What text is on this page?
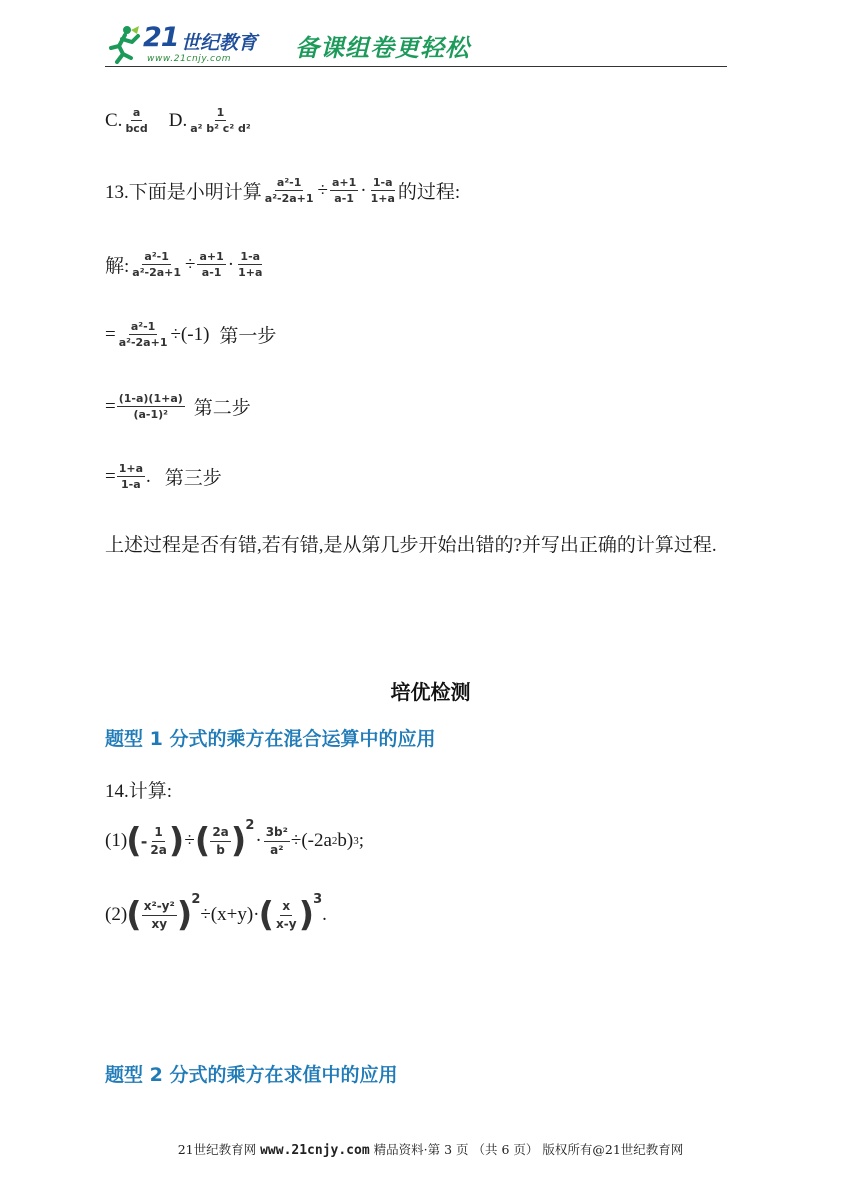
21 世纪教育
www.21cnjy.com	备课组卷更轻松
C. $\frac{a}{\text{bcd}} D$. $\frac{1}{\text{a² b² c² d²}}$
13.下面是小明计算 $\frac{\text{a²-1}}{\text{a²-2a+1}} \div \frac{a+1}{a-1} \cdot \frac{1-a}{1+a}$ 的过程:
解: $\frac{\text{a²-1}}{\text{a²-2a+1}} \div \frac{a+1}{a-1} \cdot \frac{1-a}{1+a}$
= $\frac{\text{a²-1}}{\text{a²-2a+1}} \div(-1)$ 第一步
= $\frac{(1-a)(1+a)}{\text{(a-1)²}}$ 第二步
= $\frac{1+a}{1-a}$ . 第三步
上述过程是否有错,若有错,是从第几步开始出错的?并写出正确的计算过程.
培优检测
题型 1 分式的乘方在混合运算中的应用
14.计算:
(1) ( - $\frac{1}{2a}$ ) ÷ ( $\frac{2a}{b}$ ) 2
· $\frac{\text{3b²}}{\text{a²}} \div(-2a$ 2 b) 3 ;
(2) ( $\frac{\text{x²-y²}}{xy}$ ) 2
÷(x+y)· ( $\frac{x}{x-y}$ ) 3
.
题型 2 分式的乘方在求值中的应用
21世纪教育网 www.21cnjy.com 精品资料·第 3 页 （共 6 页） 版权所有@21世纪教育网
